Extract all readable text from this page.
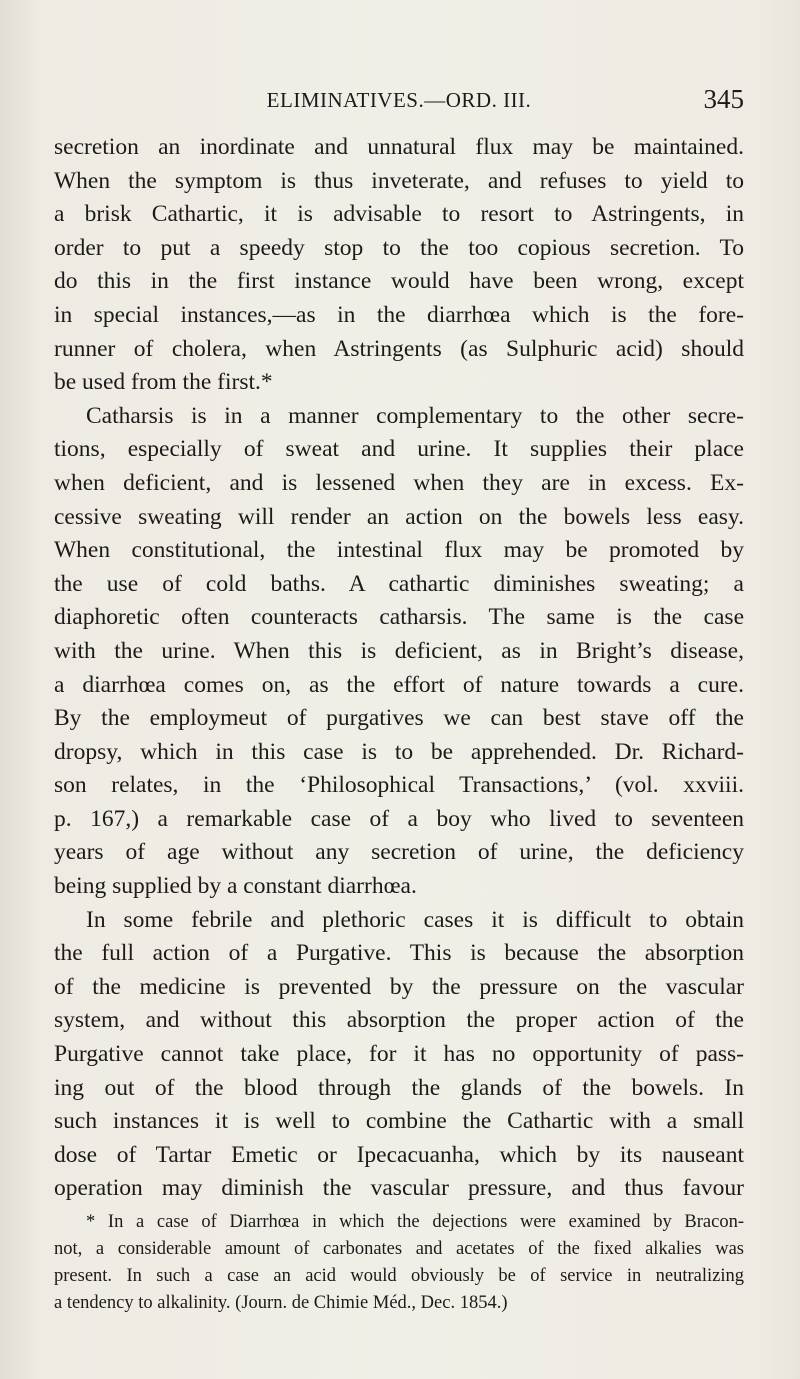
ELIMINATIVES.—ORD. III.	345
secretion an inordinate and unnatural flux may be maintained.
When the symptom is thus inveterate, and refuses to yield to
a brisk Cathartic, it is advisable to resort to Astringents, in
order to put a speedy stop to the too copious secretion. To
do this in the first instance would have been wrong, except
in special instances,—as in the diarrhœa which is the fore-
runner of cholera, when Astringents (as Sulphuric acid) should
be used from the first.*
Catharsis is in a manner complementary to the other secre-
tions, especially of sweat and urine. It supplies their place
when deficient, and is lessened when they are in excess. Ex-
cessive sweating will render an action on the bowels less easy.
When constitutional, the intestinal flux may be promoted by
the use of cold baths. A cathartic diminishes sweating; a
diaphoretic often counteracts catharsis. The same is the case
with the urine. When this is deficient, as in Bright’s disease,
a diarrhœa comes on, as the effort of nature towards a cure.
By the employmeut of purgatives we can best stave off the
dropsy, which in this case is to be apprehended. Dr. Richard-
son relates, in the ‘Philosophical Transactions,’ (vol. xxviii.
p. 167,) a remarkable case of a boy who lived to seventeen
years of age without any secretion of urine, the deficiency
being supplied by a constant diarrhœa.
In some febrile and plethoric cases it is difficult to obtain
the full action of a Purgative. This is because the absorption
of the medicine is prevented by the pressure on the vascular
system, and without this absorption the proper action of the
Purgative cannot take place, for it has no opportunity of pass-
ing out of the blood through the glands of the bowels. In
such instances it is well to combine the Cathartic with a small
dose of Tartar Emetic or Ipecacuanha, which by its nauseant
operation may diminish the vascular pressure, and thus favour
* In a case of Diarrhœa in which the dejections were examined by Bracon-
not, a considerable amount of carbonates and acetates of the fixed alkalies was
present. In such a case an acid would obviously be of service in neutralizing
a tendency to alkalinity. (Journ. de Chimie Méd., Dec. 1854.)
